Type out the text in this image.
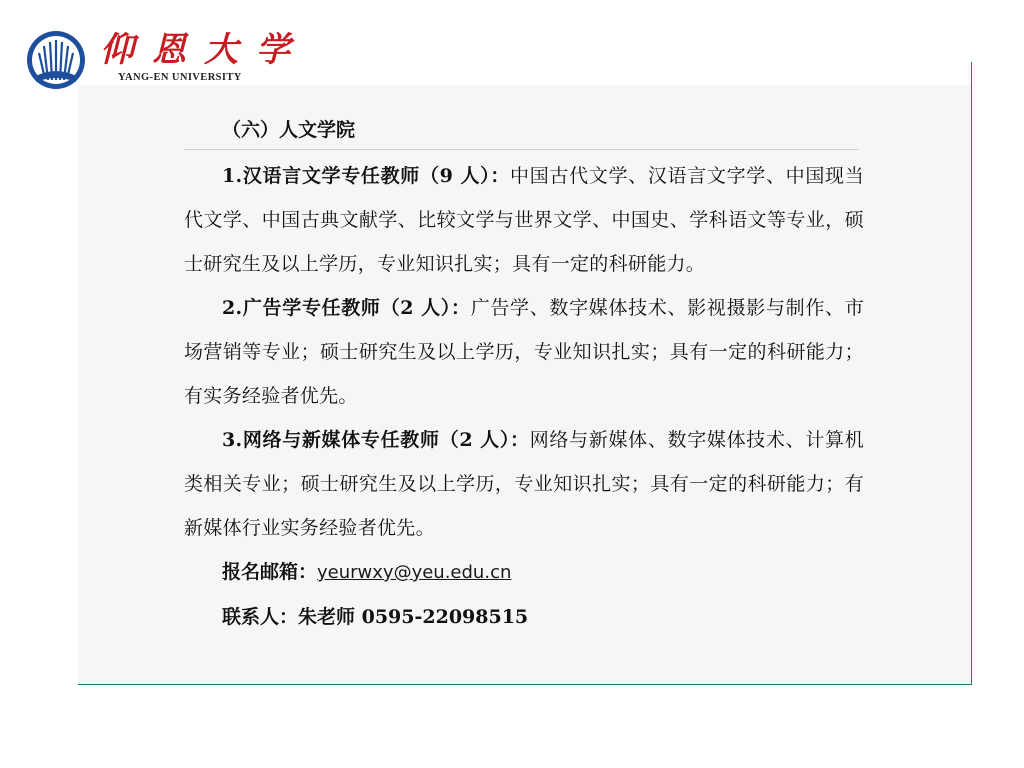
仰恩大学
YANG-EN UNIVERSITY
（六）人文学院
1.汉语言文学专任教师（9 人）：中国古代文学、汉语言文字学、中国现当代文学、中国古典文献学、比较文学与世界文学、中国史、学科语文等专业，硕士研究生及以上学历，专业知识扎实；具有一定的科研能力。
2.广告学专任教师（2 人）：广告学、数字媒体技术、影视摄影与制作、市场营销等专业；硕士研究生及以上学历，专业知识扎实；具有一定的科研能力；有实务经验者优先。
3.网络与新媒体专任教师（2 人）：网络与新媒体、数字媒体技术、计算机类相关专业；硕士研究生及以上学历，专业知识扎实；具有一定的科研能力；有新媒体行业实务经验者优先。
报名邮箱：yeurwxy@yeu.edu.cn
联系人：朱老师 0595-22098515
